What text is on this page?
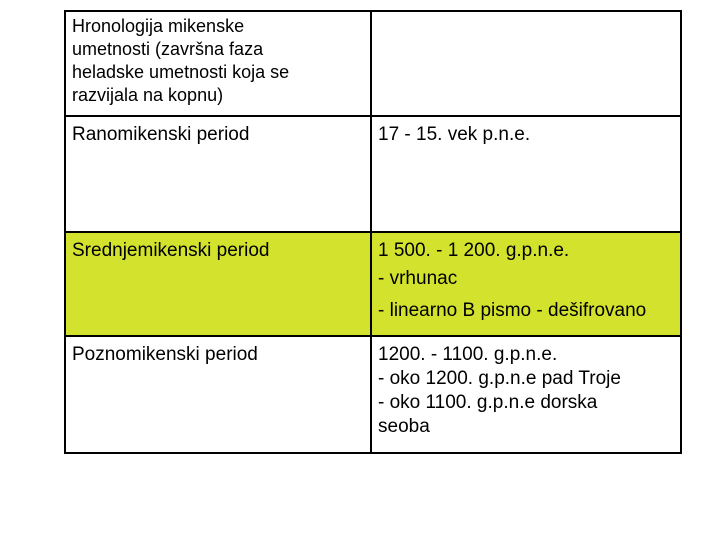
Hronologija mikenske
umetnosti (završna faza
heladske umetnosti koja se
razvijala na kopnu)	

Ranomikenski period	17 - 15. vek p.n.e.

Srednjemikenski period	1 500. - 1 200. g.p.n.e.
- vrhunac
- linearno B pismo - dešifrovano

Poznomikenski period	1200. - 1100. g.p.n.e.
- oko 1200. g.p.n.e pad Troje
- oko 1100. g.p.n.e dorska
seoba
